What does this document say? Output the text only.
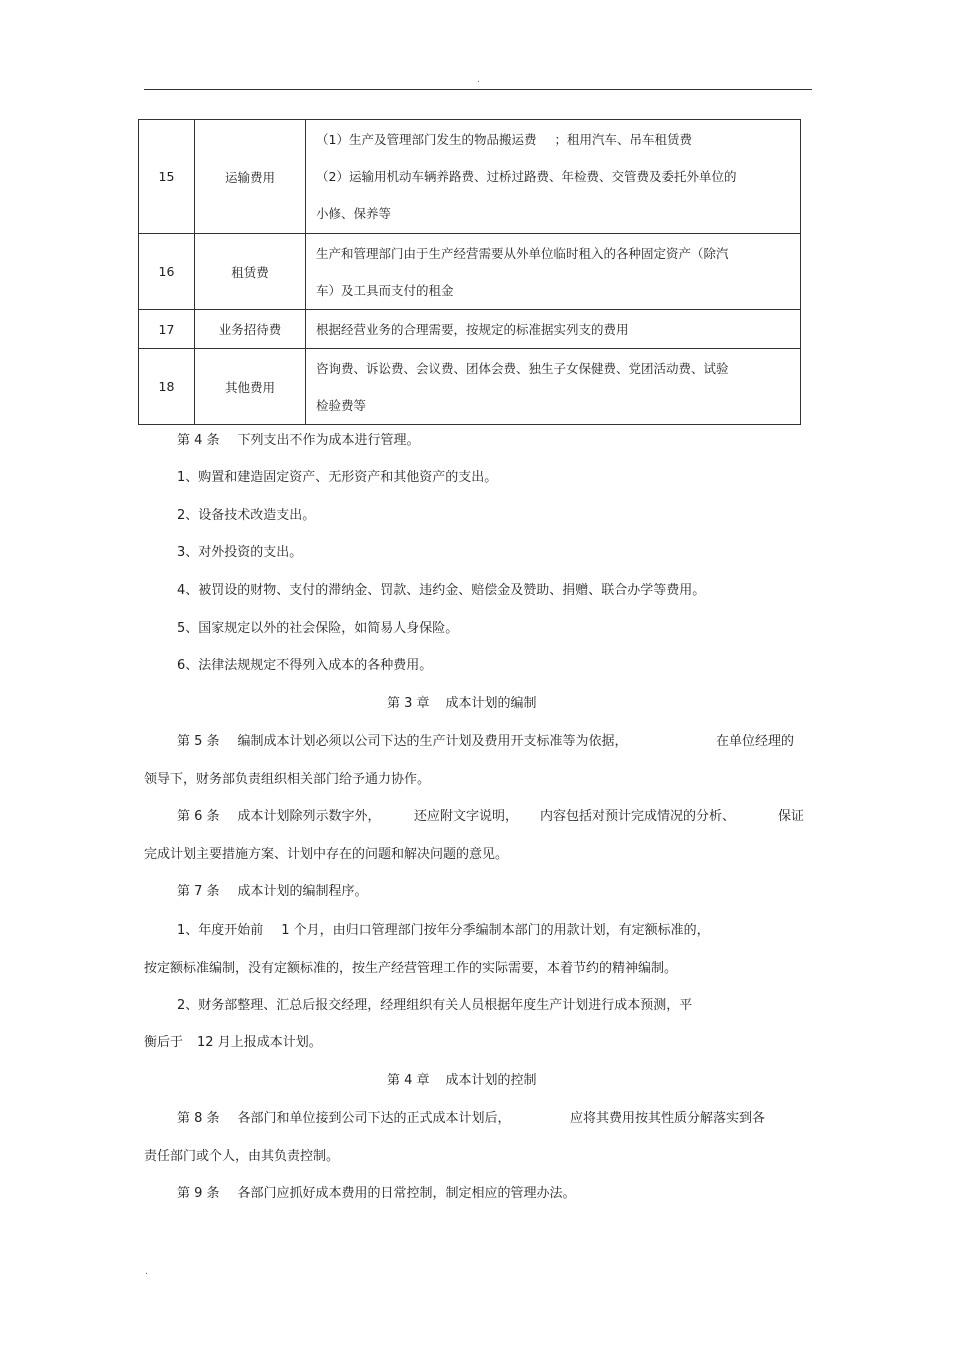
.
15	运输费用	（1）生产及管理部门发生的物品搬运费 ；租用汽车、吊车租赁费
（2）运输用机动车辆养路费、过桥过路费、年检费、交管费及委托外单位的
小修、保养等

16	租赁费	生产和管理部门由于生产经营需要从外单位临时租入的各种固定资产（除汽
车）及工具而支付的租金

17	业务招待费	根据经营业务的合理需要，按规定的标准据实列支的费用

18	其他费用	咨询费、诉讼费、会议费、团体会费、独生子女保健费、党团活动费、试验
检验费等
第 4 条 下列支出不作为成本进行管理。
1、购置和建造固定资产、无形资产和其他资产的支出。
2、设备技术改造支出。
3、对外投资的支出。
4、被罚设的财物、支付的滞纳金、罚款、违约金、赔偿金及赞助、捐赠、联合办学等费用。
5、国家规定以外的社会保险，如简易人身保险。
6、法律法规规定不得列入成本的各种费用。
第 3 章 成本计划的编制
第 5 条 编制成本计划必须以公司下达的生产计划及费用开支标准等为依据，	在单位经理的
领导下，财务部负责组织相关部门给予通力协作。
第 6 条 成本计划除列示数字外，	还应附文字说明， 内容包括对预计完成情况的分析、	保证
完成计划主要措施方案、计划中存在的问题和解决问题的意见。
第 7 条 成本计划的编制程序。
1、年度开始前 1 个月，由归口管理部门按年分季编制本部门的用款计划，有定额标准的，
按定额标准编制，没有定额标准的，按生产经营管理工作的实际需要，本着节约的精神编制。
2、财务部整理、汇总后报交经理，经理组织有关人员根据年度生产计划进行成本预测，平
衡后于 12 月上报成本计划。
第 4 章 成本计划的控制
第 8 条 各部门和单位接到公司下达的正式成本计划后，	应将其费用按其性质分解落实到各
责任部门或个人，由其负责控制。
第 9 条 各部门应抓好成本费用的日常控制，制定相应的管理办法。
.
